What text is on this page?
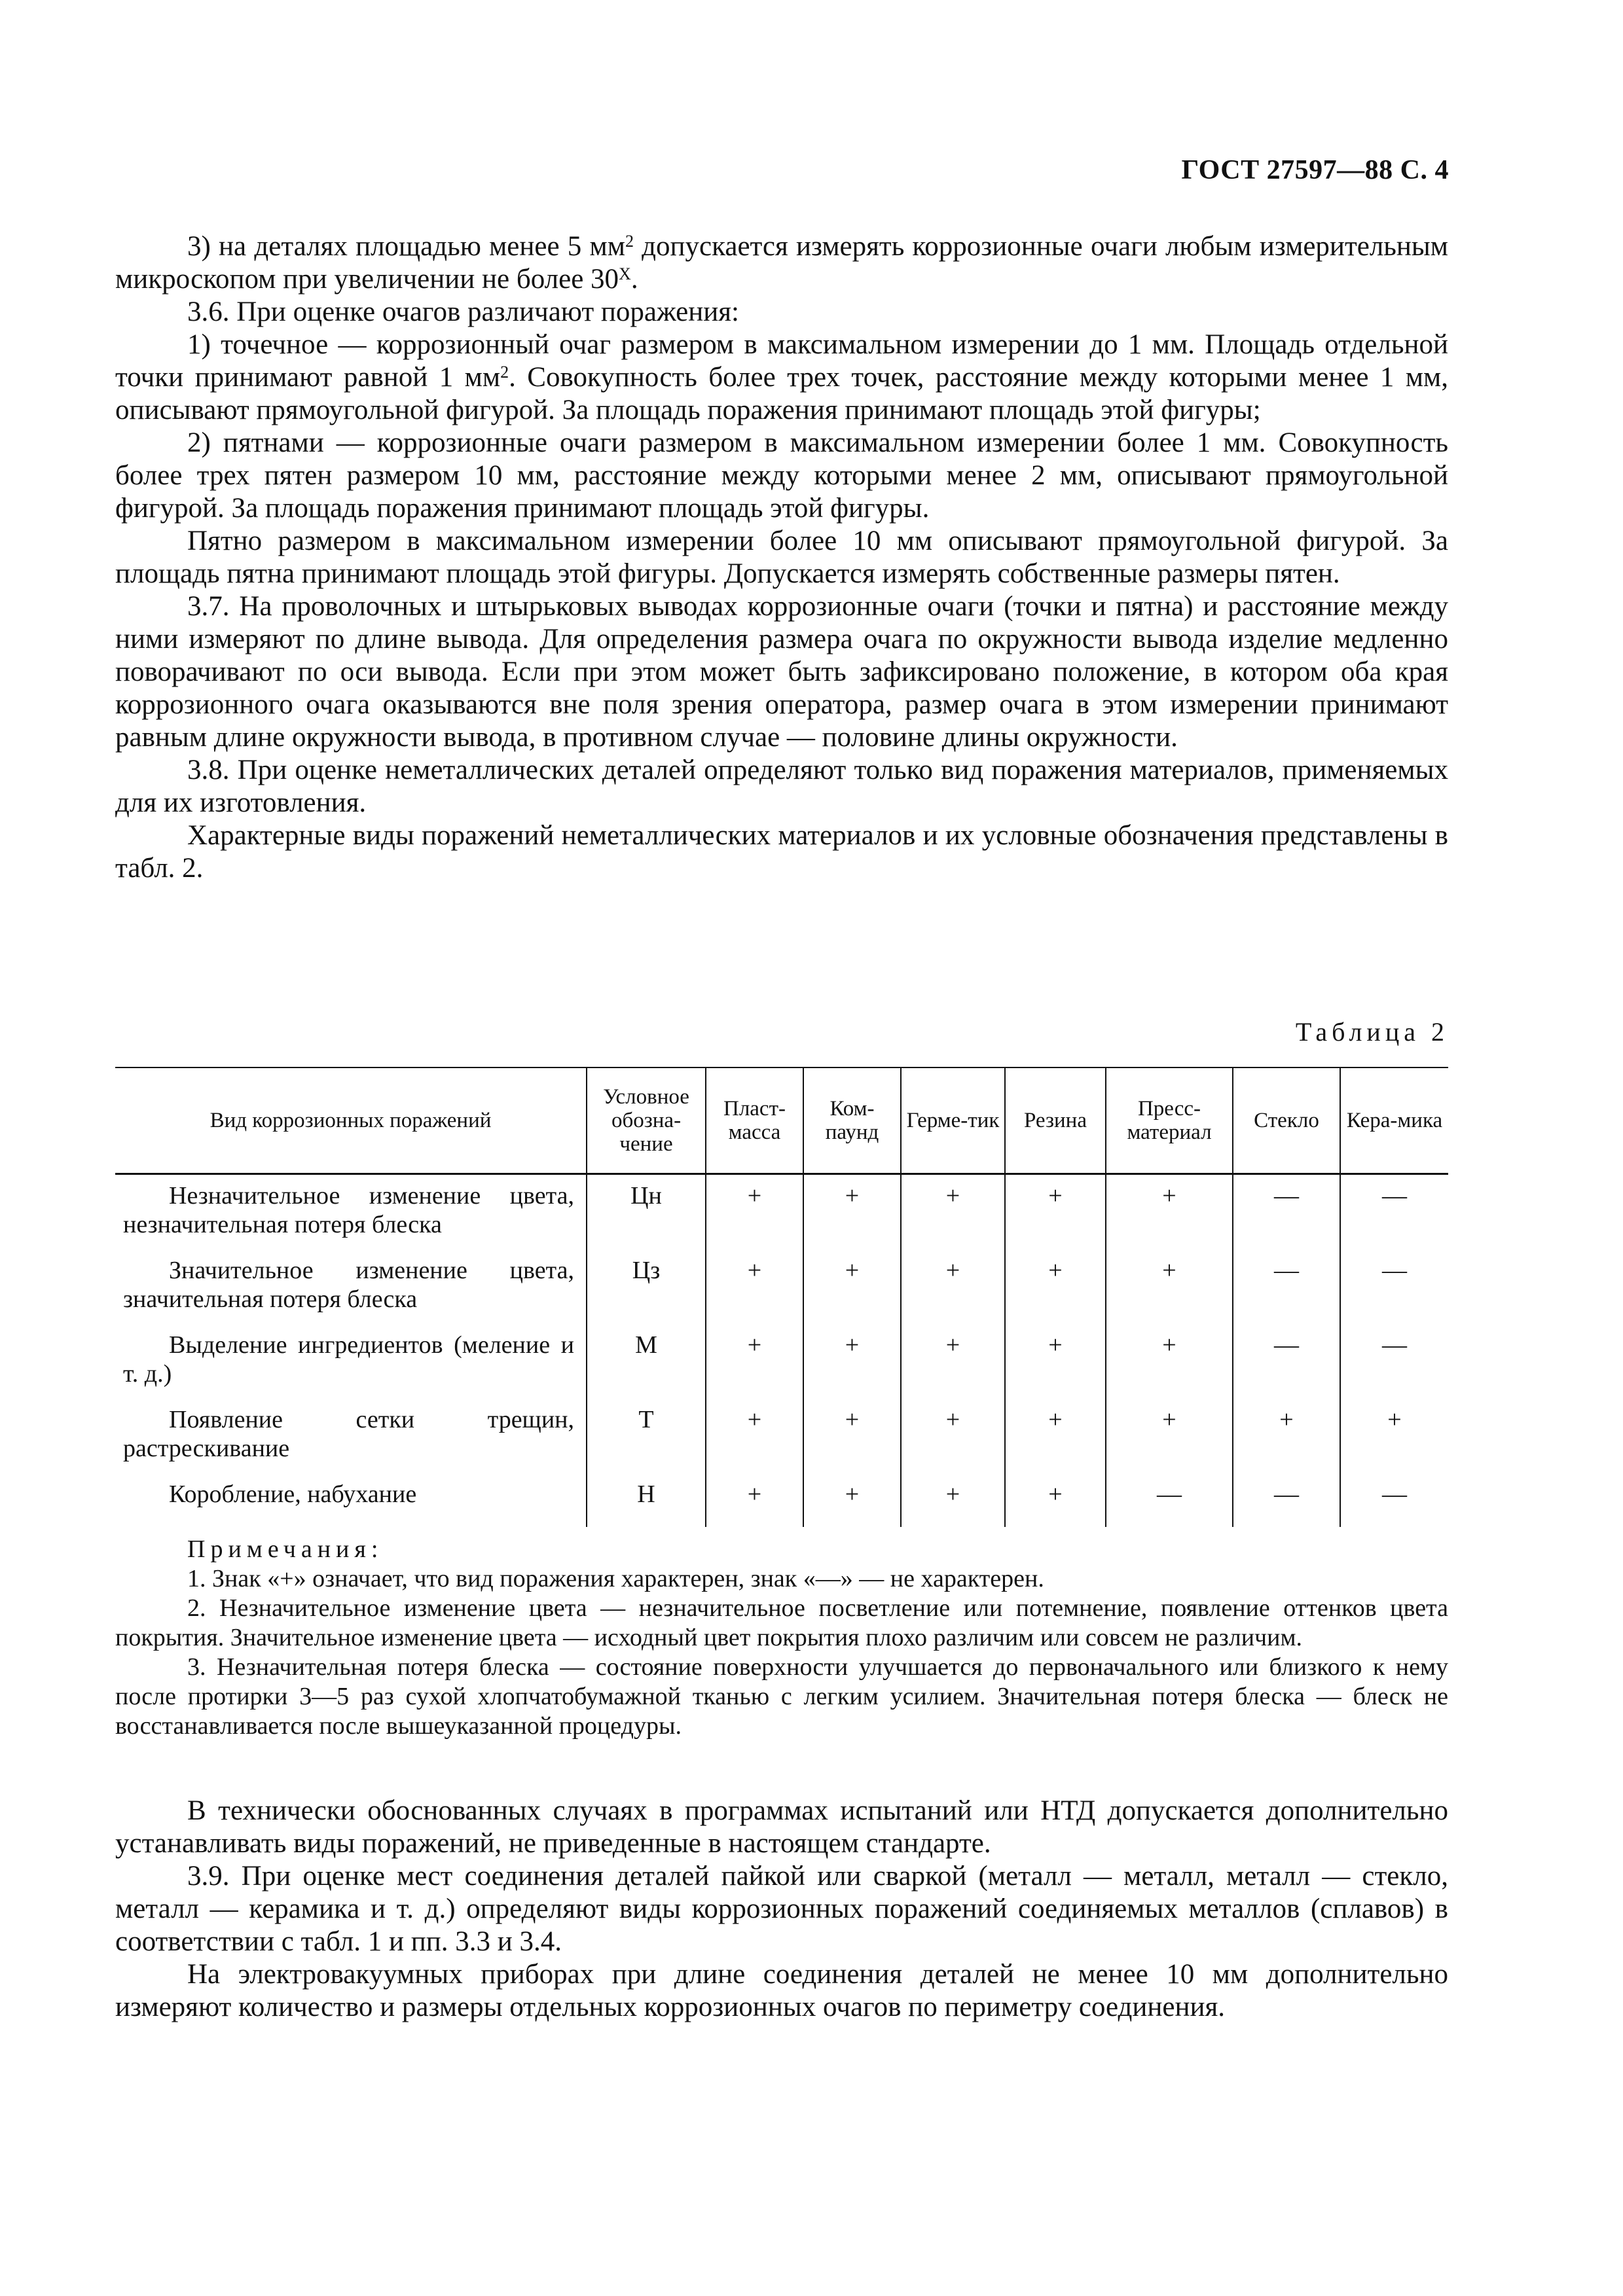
ГОСТ 27597—88 С. 4

3) на деталях площадью менее 5 $мм^2$ допускается измерять коррозионные очаги любым измерительным микроскопом при увеличении не более $30^Х$.

3.6. При оценке очагов различают поражения:

1) точечное — коррозионный очаг размером в максимальном измерении до 1 мм. Площадь отдельной точки принимают равной 1 $мм^2$. Совокупность более трех точек, расстояние между которыми менее 1 мм, описывают прямоугольной фигурой. За площадь поражения принимают площадь этой фигуры;

2) пятнами — коррозионные очаги размером в максимальном измерении более 1 мм. Совокупность более трех пятен размером 10 мм, расстояние между которыми менее 2 мм, описывают прямоугольной фигурой. За площадь поражения принимают площадь этой фигуры.

Пятно размером в максимальном измерении более 10 мм описывают прямоугольной фигурой. За площадь пятна принимают площадь этой фигуры. Допускается измерять собственные размеры пятен.

3.7. На проволочных и штырьковых выводах коррозионные очаги (точки и пятна) и расстояние между ними измеряют по длине вывода. Для определения размера очага по окружности вывода изделие медленно поворачивают по оси вывода. Если при этом может быть зафиксировано положение, в котором оба края коррозионного очага оказываются вне поля зрения оператора, размер очага в этом измерении принимают равным длине окружности вывода, в противном случае — половине длины окружности.

3.8. При оценке неметаллических деталей определяют только вид поражения материалов, применяемых для их изготовления.

Характерные виды поражений неметаллических материалов и их условные обозначения представлены в табл. 2.

Таблица 2
Вид коррозионных поражений	Условное обозна-чение	Пласт-масса	Ком-паунд	Герме-тик	Резина	Пресс-материал	Стекло	Кера-мика

Незначительное изменение цвета, незначительная потеря блеска	Цн	+	+	+	+	+	—	—

Значительное изменение цвета, значительная потеря блеска	Цз	+	+	+	+	+	—	—

Выделение ингредиентов (меление и т. д.)	М	+	+	+	+	+	—	—

Появление сетки трещин, растрескивание	Т	+	+	+	+	+	+	+

Коробление, набухание	Н	+	+	+	+	—	—	—

Примечания:

1. Знак «+» означает, что вид поражения характерен, знак «—» — не характерен.

2. Незначительное изменение цвета — незначительное посветление или потемнение, появление оттенков цвета покрытия. Значительное изменение цвета — исходный цвет покрытия плохо различим или совсем не различим.

3. Незначительная потеря блеска — состояние поверхности улучшается до первоначального или близкого к нему после протирки 3—5 раз сухой хлопчатобумажной тканью с легким усилием. Значительная потеря блеска — блеск не восстанавливается после вышеуказанной процедуры.

В технически обоснованных случаях в программах испытаний или НТД допускается дополнительно устанавливать виды поражений, не приведенные в настоящем стандарте.

3.9. При оценке мест соединения деталей пайкой или сваркой (металл — металл, металл — стекло, металл — керамика и т. д.) определяют виды коррозионных поражений соединяемых металлов (сплавов) в соответствии с табл. 1 и пп. 3.3 и 3.4.

На электровакуумных приборах при длине соединения деталей не менее 10 мм дополнительно измеряют количество и размеры отдельных коррозионных очагов по периметру соединения.
